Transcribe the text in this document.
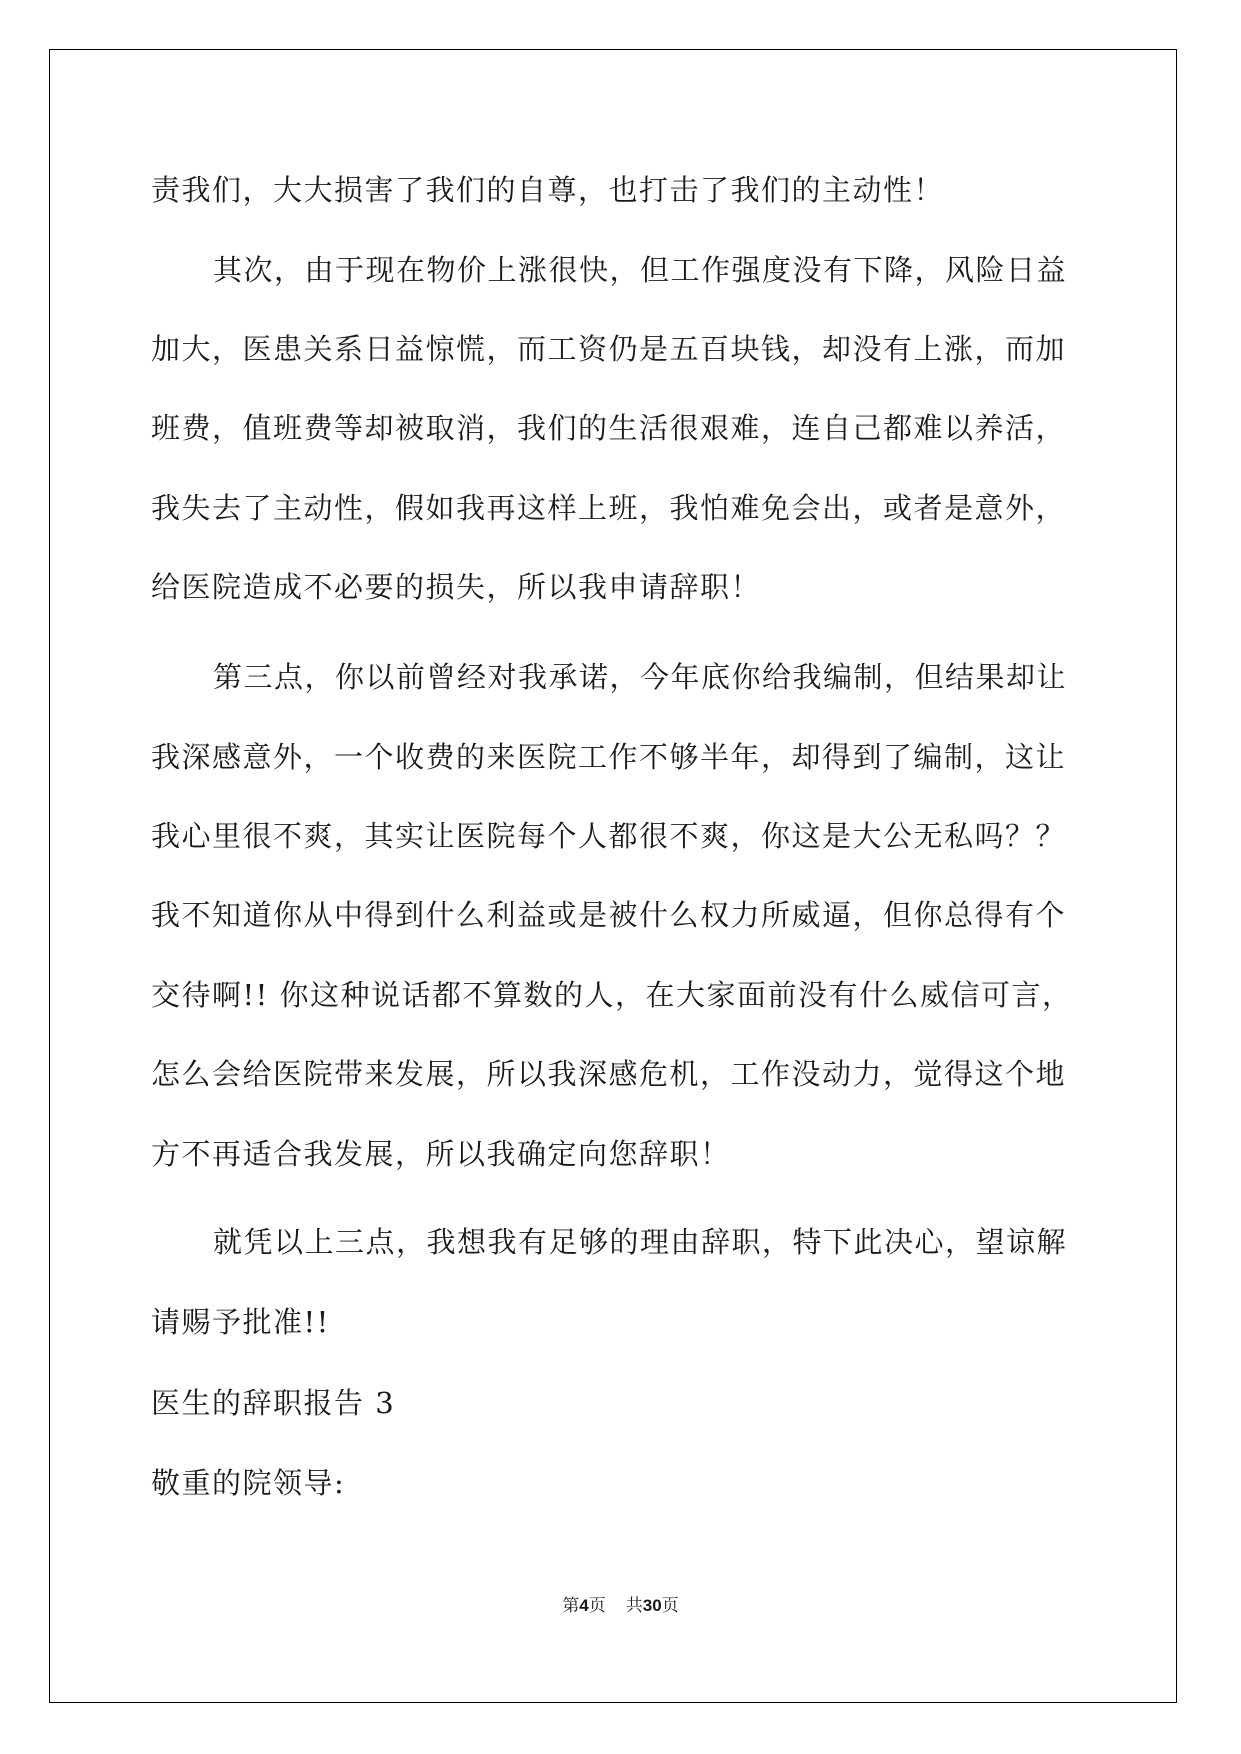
责我们，大大损害了我们的自尊，也打击了我们的主动性！

其次，由于现在物价上涨很快，但工作强度没有下降，风险日益

加大，医患关系日益惊慌，而工资仍是五百块钱，却没有上涨，而加

班费，值班费等却被取消，我们的生活很艰难，连自己都难以养活，

我失去了主动性，假如我再这样上班，我怕难免会出，或者是意外，

给医院造成不必要的损失，所以我申请辞职！

第三点，你以前曾经对我承诺，今年底你给我编制，但结果却让

我深感意外，一个收费的来医院工作不够半年，却得到了编制，这让

我心里很不爽，其实让医院每个人都很不爽，你这是大公无私吗？？

我不知道你从中得到什么利益或是被什么权力所威逼，但你总得有个

交待啊!! 你这种说话都不算数的人，在大家面前没有什么威信可言，

怎么会给医院带来发展，所以我深感危机，工作没动力，觉得这个地

方不再适合我发展，所以我确定向您辞职！

就凭以上三点，我想我有足够的理由辞职，特下此决心，望谅解

请赐予批准!!

医生的辞职报告 3

敬重的院领导:

第4页 共30页
